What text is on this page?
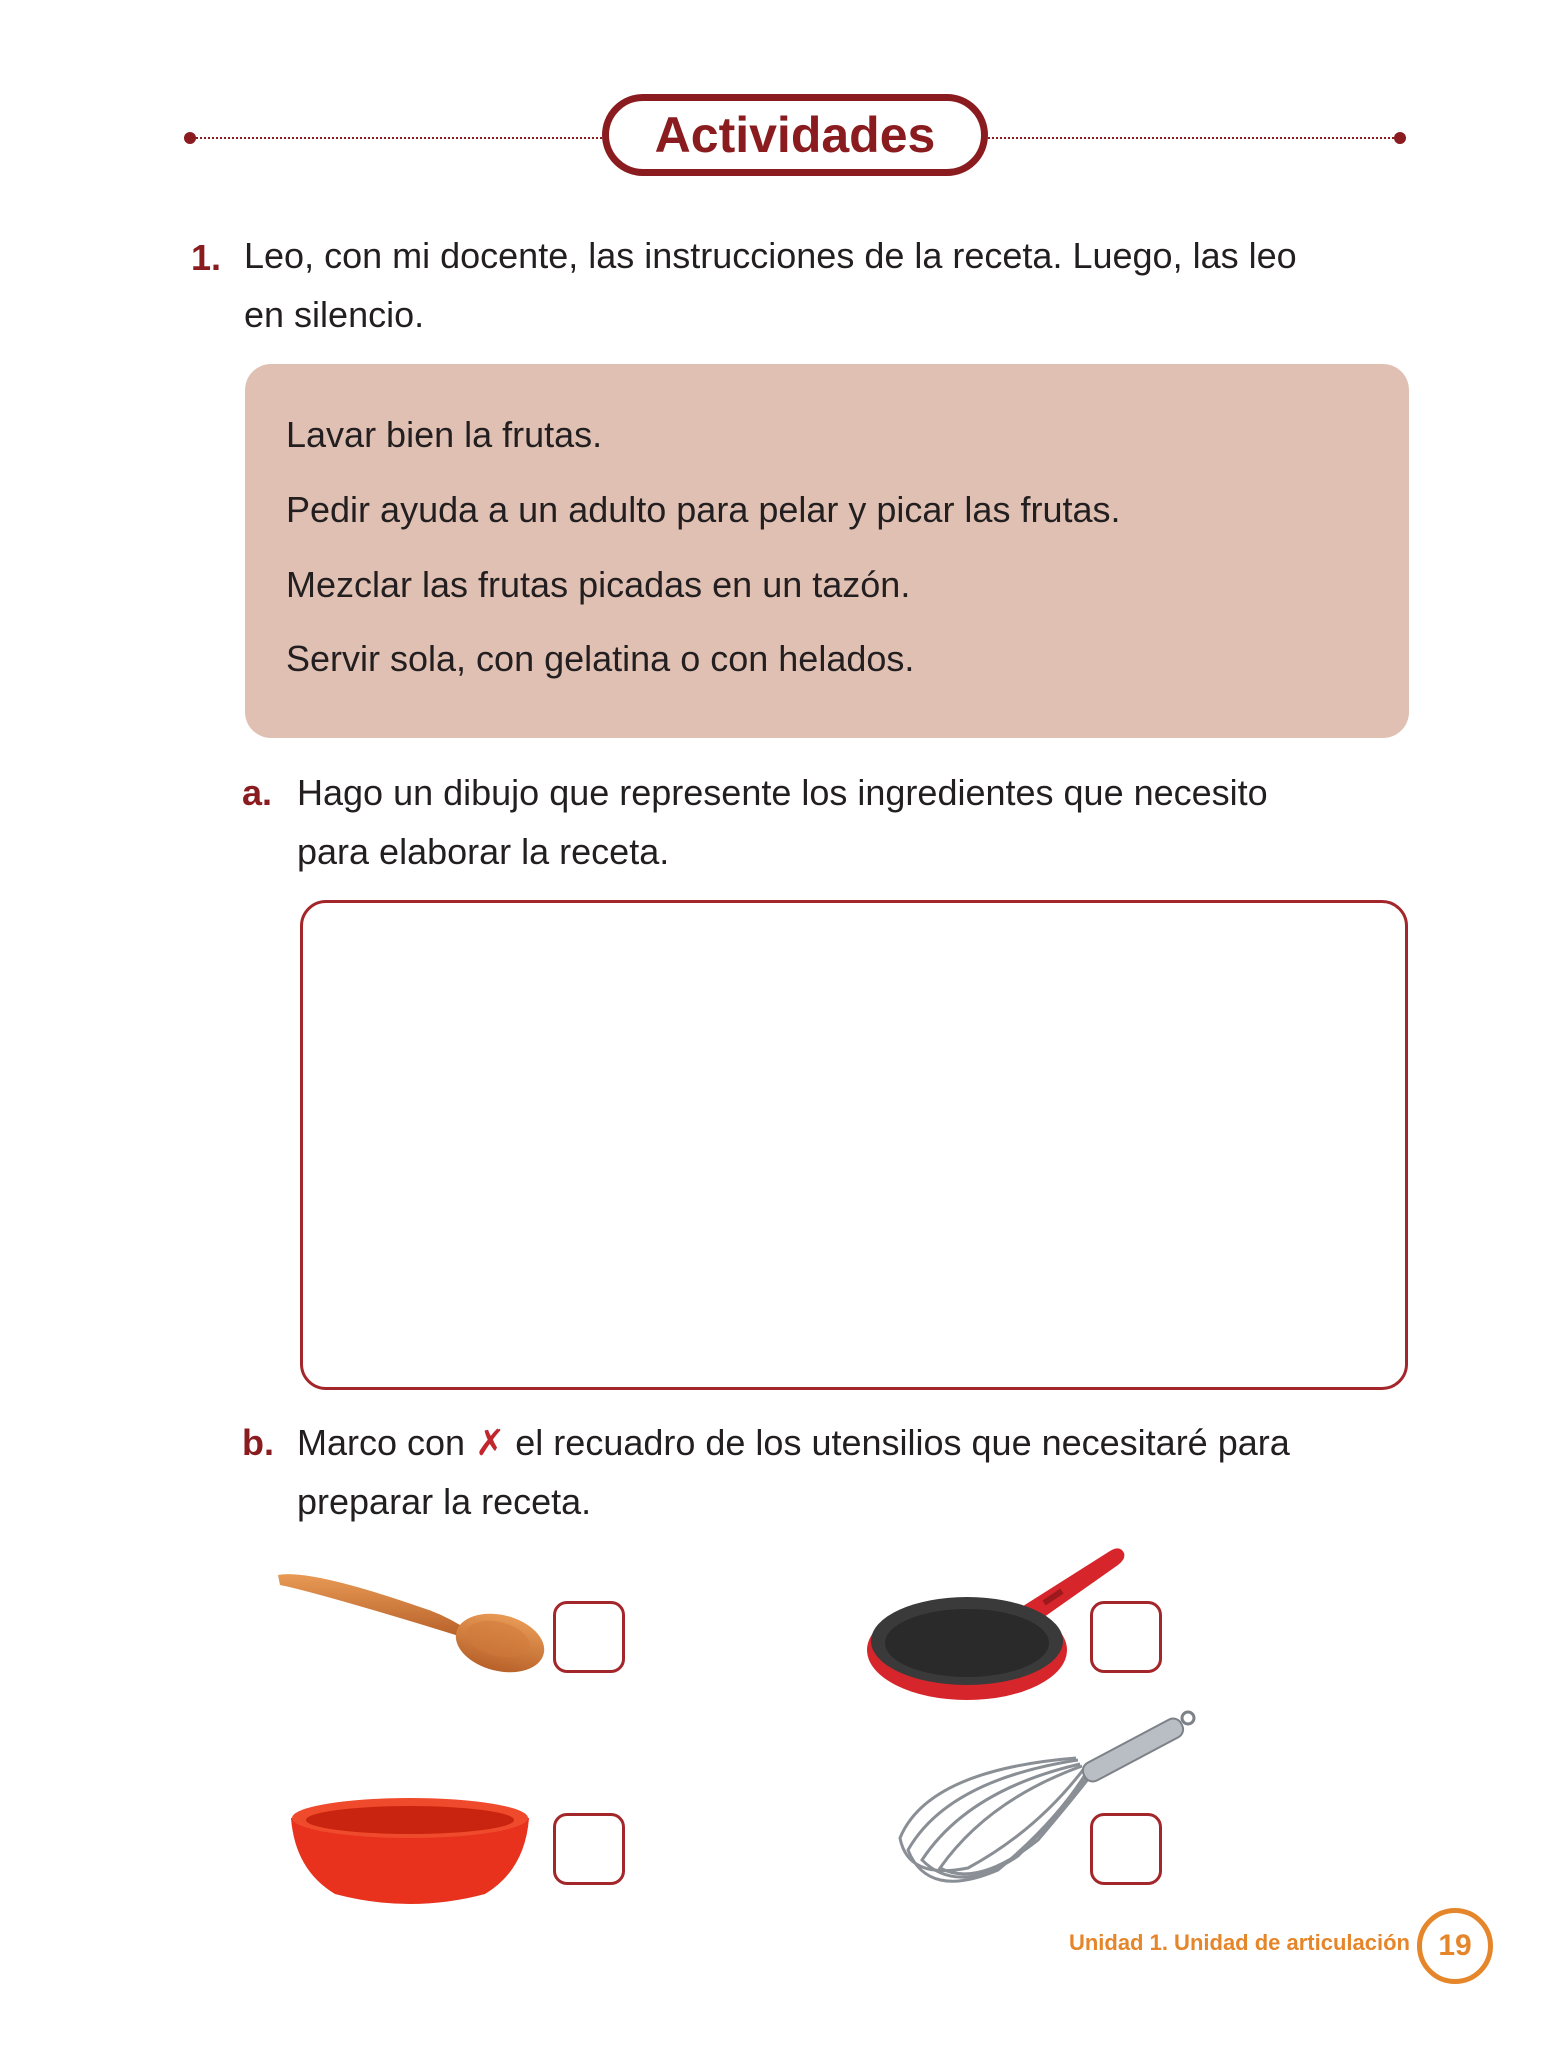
Actividades
1. Leo, con mi docente, las instrucciones de la receta. Luego, las leo
en silencio.
Lavar bien la frutas.
Pedir ayuda a un adulto para pelar y picar las frutas.
Mezclar las frutas picadas en un tazón.
Servir sola, con gelatina o con helados.
a. Hago un dibujo que represente los ingredientes que necesito
para elaborar la receta.
b. Marco con ✗ el recuadro de los utensilios que necesitaré para
preparar la receta.
Unidad 1. Unidad de articulación 19
